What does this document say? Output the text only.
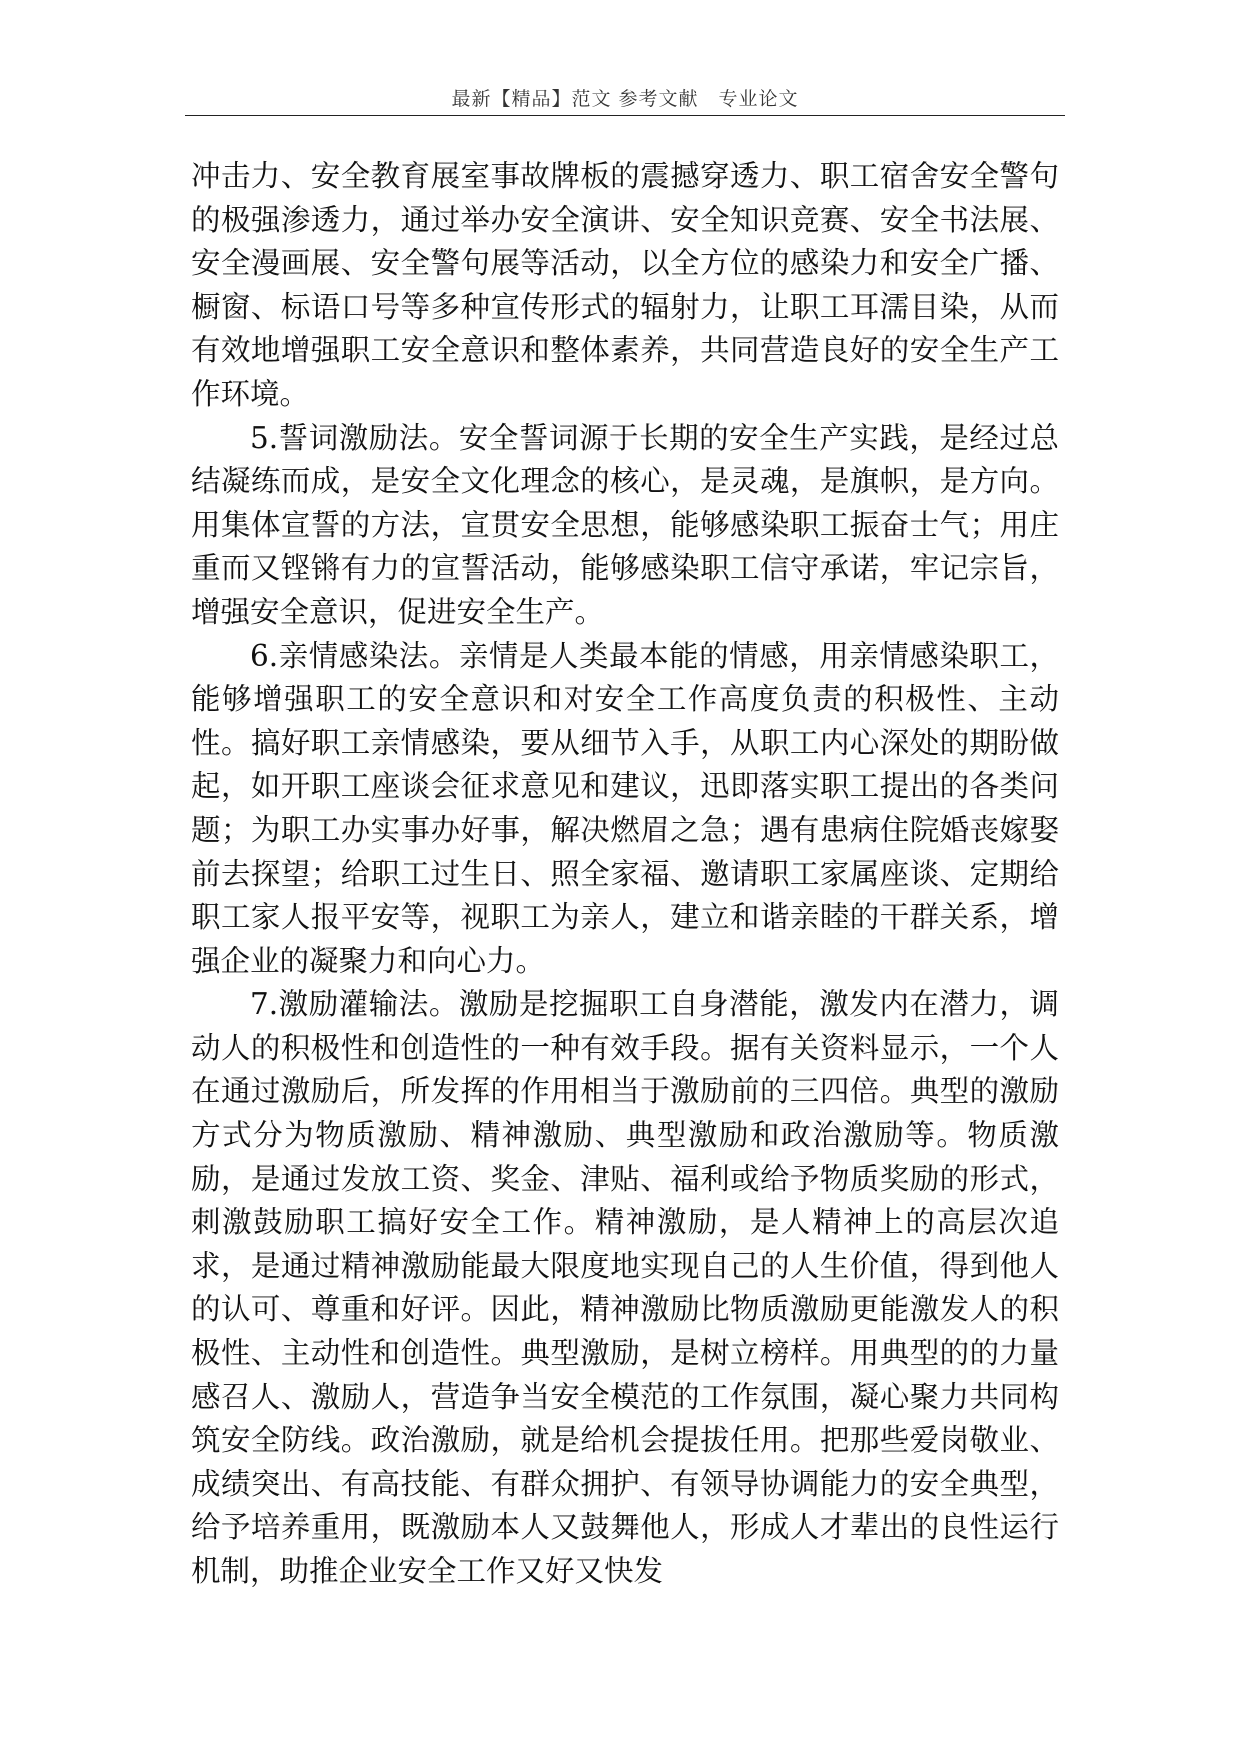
最新【精品】范文 参考文献　专业论文

冲击力、安全教育展室事故牌板的震撼穿透力、职工宿舍安全警句的极强渗透力，通过举办安全演讲、安全知识竞赛、安全书法展、安全漫画展、安全警句展等活动，以全方位的感染力和安全广播、橱窗、标语口号等多种宣传形式的辐射力，让职工耳濡目染，从而有效地增强职工安全意识和整体素养，共同营造良好的安全生产工作环境。

5.誓词激励法。安全誓词源于长期的安全生产实践，是经过总结凝练而成，是安全文化理念的核心，是灵魂，是旗帜，是方向。用集体宣誓的方法，宣贯安全思想，能够感染职工振奋士气；用庄重而又铿锵有力的宣誓活动，能够感染职工信守承诺，牢记宗旨，增强安全意识，促进安全生产。

6.亲情感染法。亲情是人类最本能的情感，用亲情感染职工，能够增强职工的安全意识和对安全工作高度负责的积极性、主动性。搞好职工亲情感染，要从细节入手，从职工内心深处的期盼做起，如开职工座谈会征求意见和建议，迅即落实职工提出的各类问题；为职工办实事办好事，解决燃眉之急；遇有患病住院婚丧嫁娶前去探望；给职工过生日、照全家福、邀请职工家属座谈、定期给职工家人报平安等，视职工为亲人，建立和谐亲睦的干群关系，增强企业的凝聚力和向心力。

7.激励灌输法。激励是挖掘职工自身潜能，激发内在潜力，调动人的积极性和创造性的一种有效手段。据有关资料显示，一个人在通过激励后，所发挥的作用相当于激励前的三四倍。典型的激励方式分为物质激励、精神激励、典型激励和政治激励等。物质激励，是通过发放工资、奖金、津贴、福利或给予物质奖励的形式，刺激鼓励职工搞好安全工作。精神激励，是人精神上的高层次追求，是通过精神激励能最大限度地实现自己的人生价值，得到他人的认可、尊重和好评。因此，精神激励比物质激励更能激发人的积极性、主动性和创造性。典型激励，是树立榜样。用典型的的力量感召人、激励人，营造争当安全模范的工作氛围，凝心聚力共同构筑安全防线。政治激励，就是给机会提拔任用。把那些爱岗敬业、成绩突出、有高技能、有群众拥护、有领导协调能力的安全典型，给予培养重用，既激励本人又鼓舞他人，形成人才辈出的良性运行机制，助推企业安全工作又好又快发
